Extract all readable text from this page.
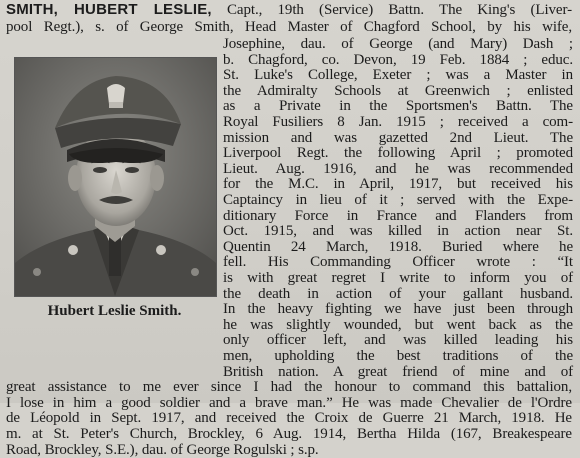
SMITH, HUBERT LESLIE, Capt., 19th (Service) Battn. The King's (Liver-
pool Regt.), s. of George Smith, Head Master of Chagford School, by his wife,
Hubert Leslie Smith.
Josephine, dau. of George (and Mary) Dash ;
b. Chagford, co. Devon, 19 Feb. 1884 ; educ.
St. Luke's College, Exeter ; was a Master in
the Admiralty Schools at Greenwich ; enlisted
as a Private in the Sportsmen's Battn. The
Royal Fusiliers 8 Jan. 1915 ; received a com-
mission and was gazetted 2nd Lieut. The
Liverpool Regt. the following April ; promoted
Lieut. Aug. 1916, and he was recommended
for the M.C. in April, 1917, but received his
Captaincy in lieu of it ; served with the Expe-
ditionary Force in France and Flanders from
Oct. 1915, and was killed in action near St.
Quentin 24 March, 1918. Buried where he
fell. His Commanding Officer wrote : “It
is with great regret I write to inform you of
the death in action of your gallant husband.
In the heavy fighting we have just been through
he was slightly wounded, but went back as the
only officer left, and was killed leading his
men, upholding the best traditions of the
British nation. A great friend of mine and of
great assistance to me ever since I had the honour to command this battalion,
I lose in him a good soldier and a brave man.” He was made Chevalier de l'Ordre
de Léopold in Sept. 1917, and received the Croix de Guerre 21 March, 1918. He
m. at St. Peter's Church, Brockley, 6 Aug. 1914, Bertha Hilda (167, Breakespeare
Road, Brockley, S.E.), dau. of George Rogulski ; s.p.
